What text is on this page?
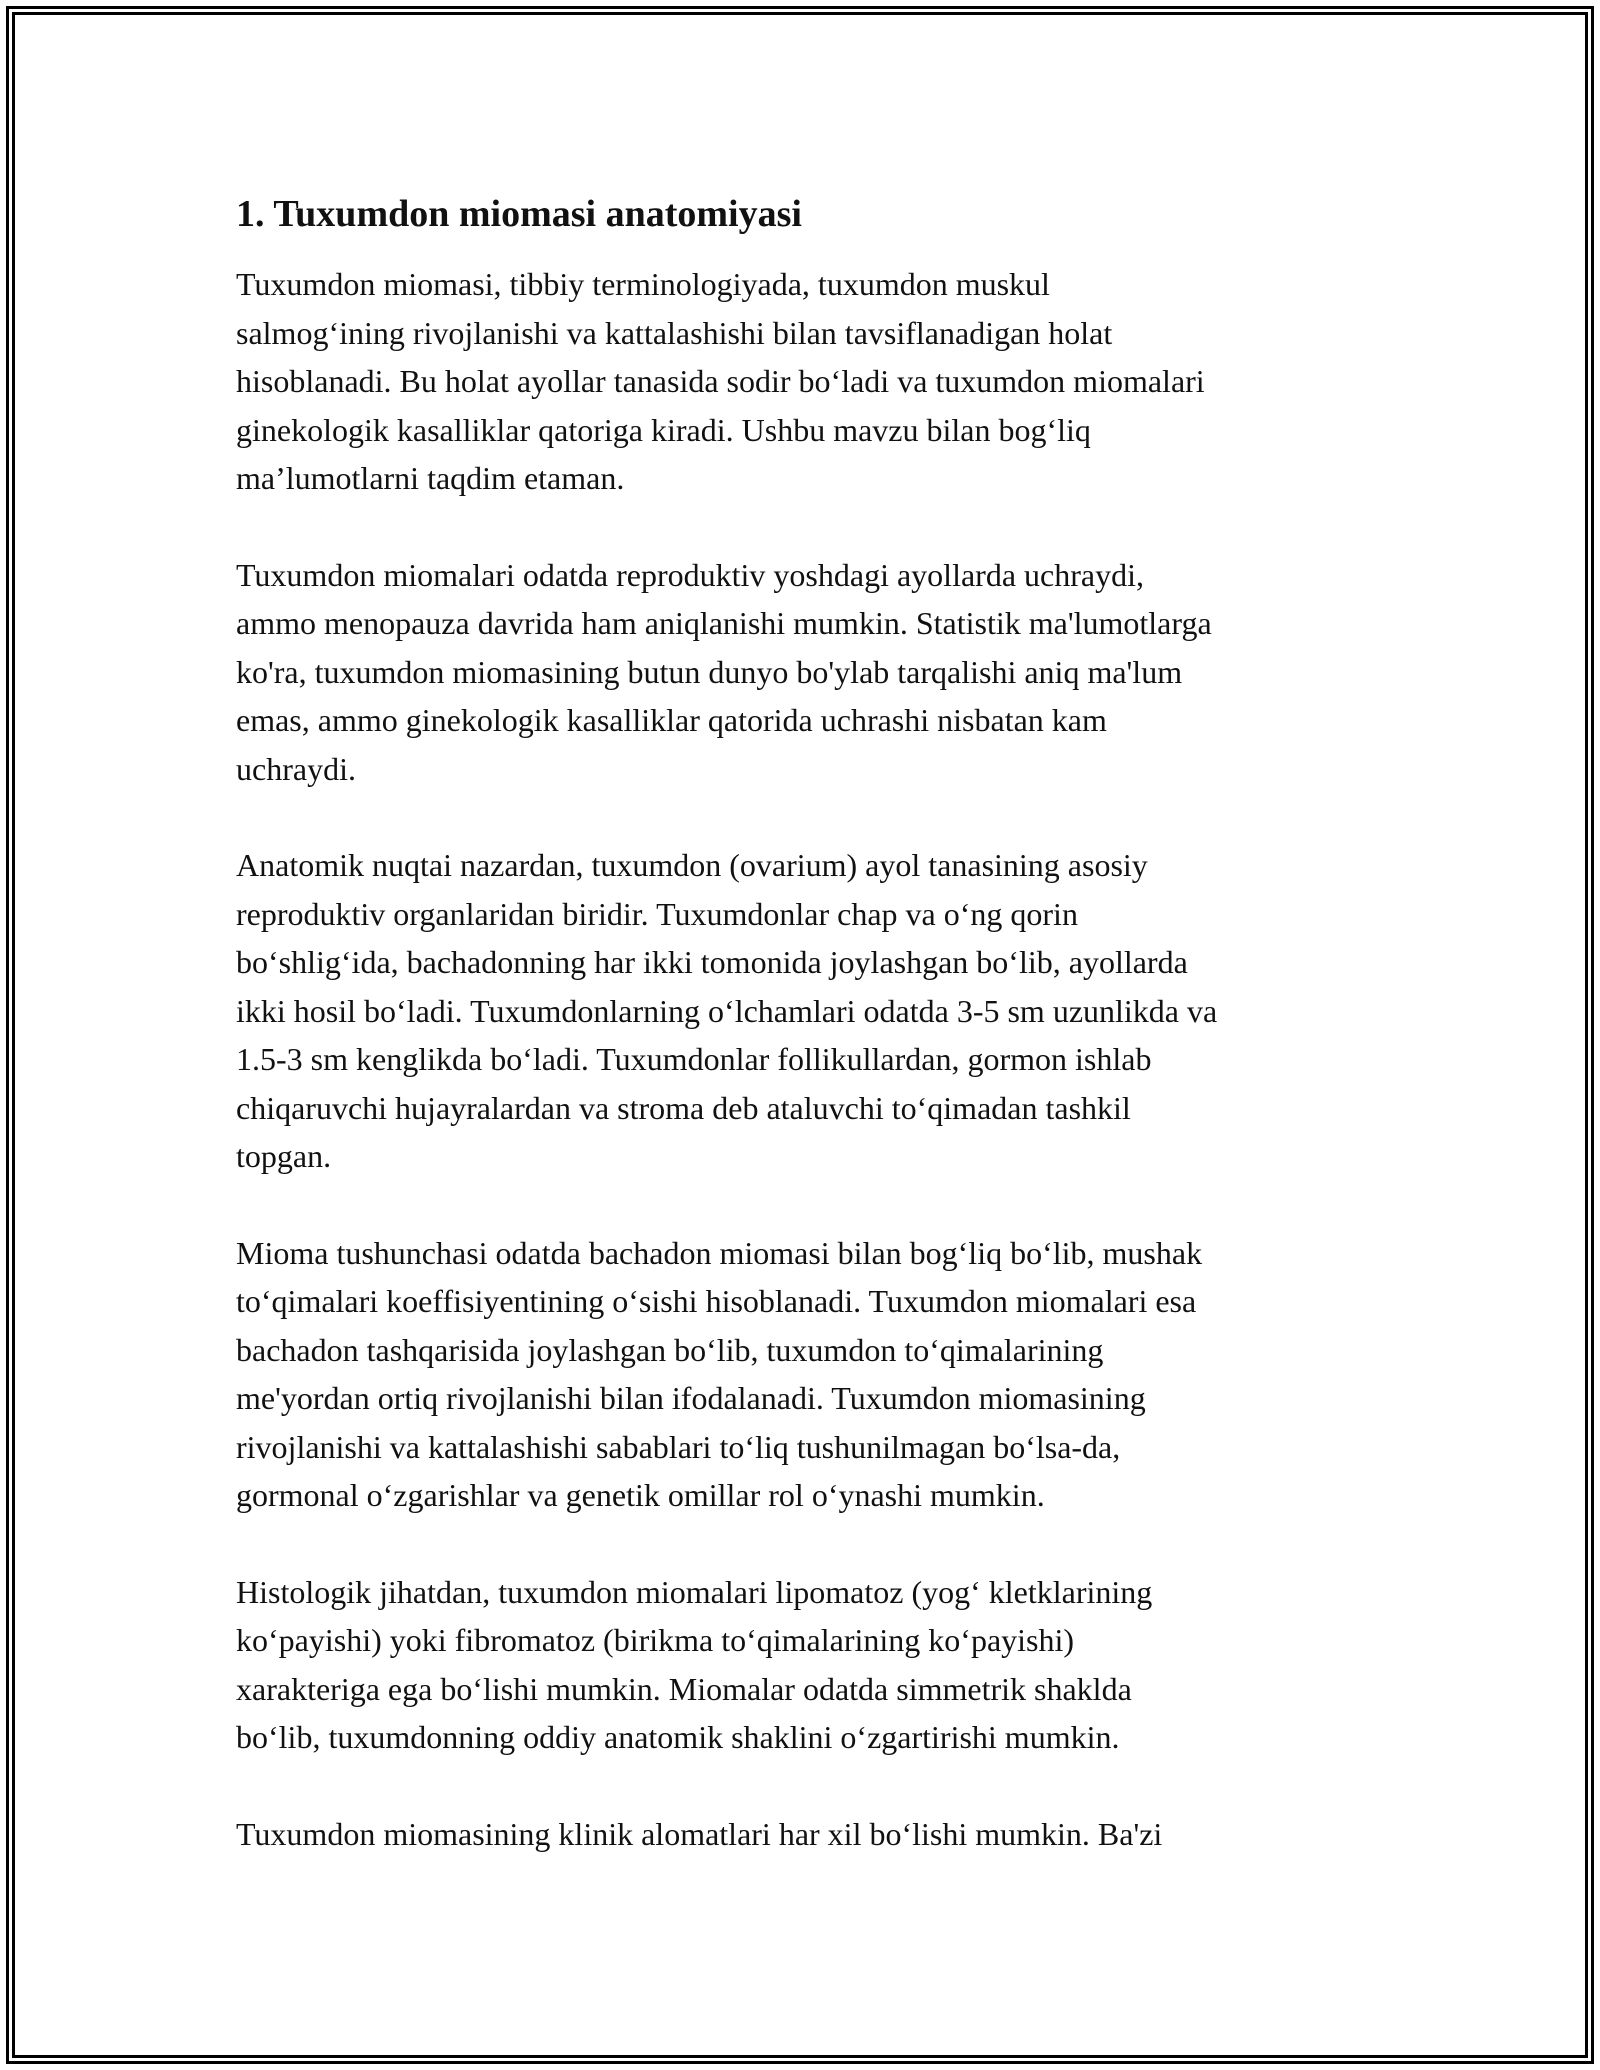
1. Tuxumdon miomasi anatomiyasi

Tuxumdon miomasi, tibbiy terminologiyada, tuxumdon muskul
salmog‘ining rivojlanishi va kattalashishi bilan tavsiflanadigan holat
hisoblanadi. Bu holat ayollar tanasida sodir bo‘ladi va tuxumdon miomalari
ginekologik kasalliklar qatoriga kiradi. Ushbu mavzu bilan bog‘liq
ma’lumotlarni taqdim etaman.

Tuxumdon miomalari odatda reproduktiv yoshdagi ayollarda uchraydi,
ammo menopauza davrida ham aniqlanishi mumkin. Statistik ma'lumotlarga
ko'ra, tuxumdon miomasining butun dunyo bo'ylab tarqalishi aniq ma'lum
emas, ammo ginekologik kasalliklar qatorida uchrashi nisbatan kam
uchraydi.

Anatomik nuqtai nazardan, tuxumdon (ovarium) ayol tanasining asosiy
reproduktiv organlaridan biridir. Tuxumdonlar chap va o‘ng qorin
bo‘shlig‘ida, bachadonning har ikki tomonida joylashgan bo‘lib, ayollarda
ikki hosil bo‘ladi. Tuxumdonlarning o‘lchamlari odatda 3-5 sm uzunlikda va
1.5-3 sm kenglikda bo‘ladi. Tuxumdonlar follikullardan, gormon ishlab
chiqaruvchi hujayralardan va stroma deb ataluvchi to‘qimadan tashkil
topgan.

Mioma tushunchasi odatda bachadon miomasi bilan bog‘liq bo‘lib, mushak
to‘qimalari koeffisiyentining o‘sishi hisoblanadi. Tuxumdon miomalari esa
bachadon tashqarisida joylashgan bo‘lib, tuxumdon to‘qimalarining
me'yordan ortiq rivojlanishi bilan ifodalanadi. Tuxumdon miomasining
rivojlanishi va kattalashishi sabablari to‘liq tushunilmagan bo‘lsa-da,
gormonal o‘zgarishlar va genetik omillar rol o‘ynashi mumkin.

Histologik jihatdan, tuxumdon miomalari lipomatoz (yog‘ kletklarining
ko‘payishi) yoki fibromatoz (birikma to‘qimalarining ko‘payishi)
xarakteriga ega bo‘lishi mumkin. Miomalar odatda simmetrik shaklda
bo‘lib, tuxumdonning oddiy anatomik shaklini o‘zgartirishi mumkin.

Tuxumdon miomasining klinik alomatlari har xil bo‘lishi mumkin. Ba'zi
